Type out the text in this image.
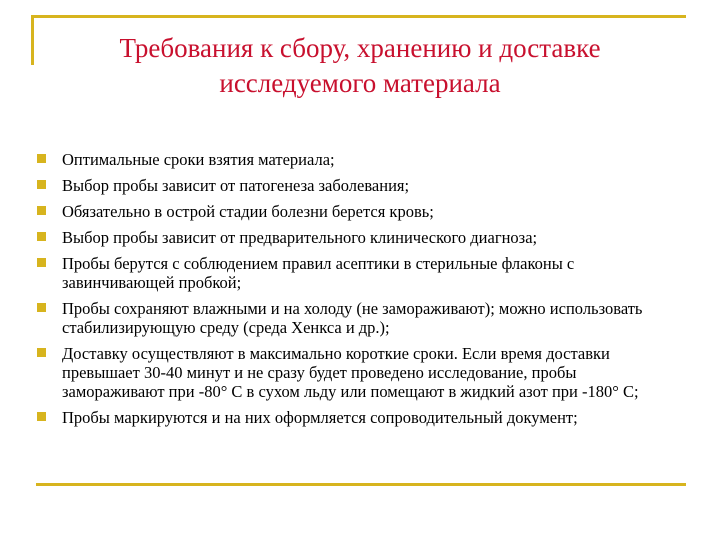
Требования к сбору, хранению и доставке
исследуемого материала
Оптимальные сроки взятия материала;
Выбор пробы зависит от патогенеза заболевания;
Обязательно в острой стадии болезни берется кровь;
Выбор пробы зависит от предварительного клинического диагноза;
Пробы берутся с соблюдением правил асептики в стерильные флаконы с завинчивающей пробкой;
Пробы сохраняют влажными и на холоду (не замораживают); можно использовать стабилизирующую среду (среда Хенкса и др.);
Доставку осуществляют в максимально короткие сроки. Если время доставки превышает 30-40 минут и не сразу будет проведено исследование, пробы замораживают при -80° С в сухом льду или помещают в жидкий азот при -180° С;
Пробы маркируются и на них оформляется сопроводительный документ;
